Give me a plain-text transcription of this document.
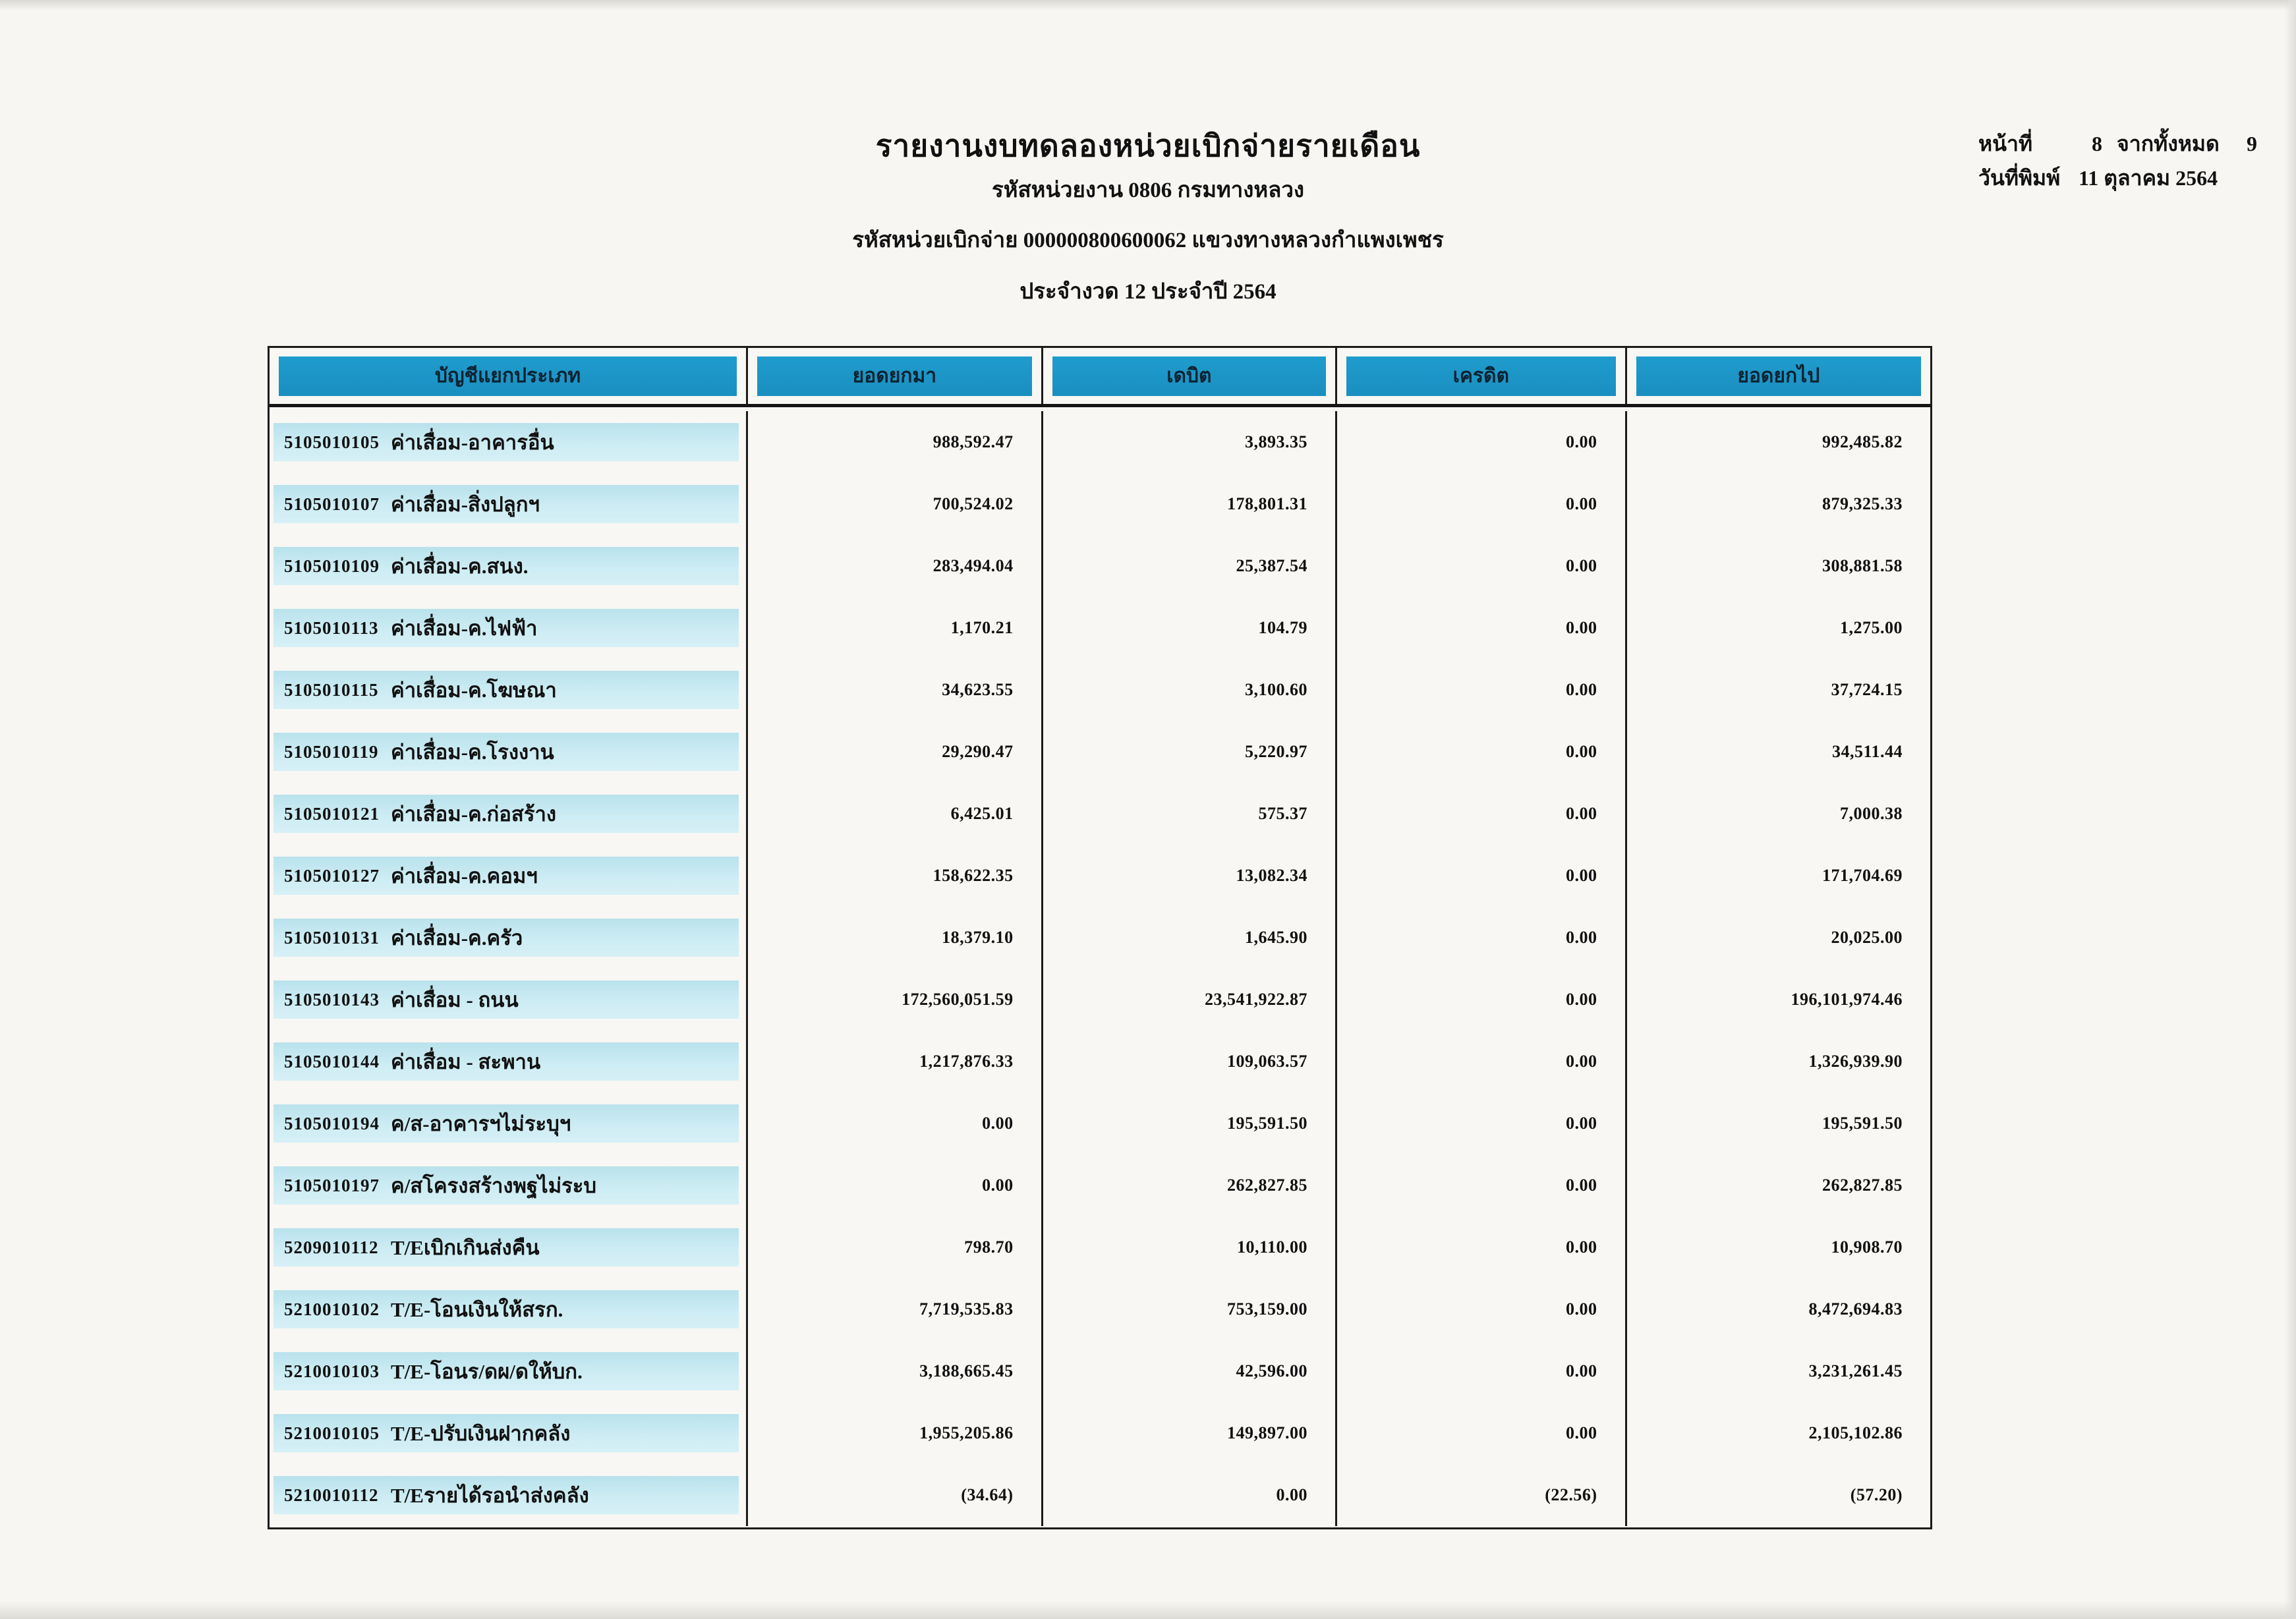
รายงานงบทดลองหน่วยเบิกจ่ายรายเดือน
รหัสหน่วยงาน 0806 กรมทางหลวง
รหัสหน่วยเบิกจ่าย 000000800600062 แขวงทางหลวงกำแพงเพชร
ประจำงวด 12 ประจำปี 2564
หน้าที่	8 จากทั้งหมด	9
วันที่พิมพ์ 11 ตุลาคม 2564
บัญชีแยกประเภท	ยอดยกมา	เดบิต	เครดิต	ยอดยกไป
5105010105 ค่าเสื่อม-อาคารอื่น	988,592.47	3,893.35	0.00	992,485.82
5105010107 ค่าเสื่อม-สิ่งปลูกฯ	700,524.02	178,801.31	0.00	879,325.33
5105010109 ค่าเสื่อม-ค.สนง.	283,494.04	25,387.54	0.00	308,881.58
5105010113 ค่าเสื่อม-ค.ไฟฟ้า	1,170.21	104.79	0.00	1,275.00
5105010115 ค่าเสื่อม-ค.โฆษณา	34,623.55	3,100.60	0.00	37,724.15
5105010119 ค่าเสื่อม-ค.โรงงาน	29,290.47	5,220.97	0.00	34,511.44
5105010121 ค่าเสื่อม-ค.ก่อสร้าง	6,425.01	575.37	0.00	7,000.38
5105010127 ค่าเสื่อม-ค.คอมฯ	158,622.35	13,082.34	0.00	171,704.69
5105010131 ค่าเสื่อม-ค.ครัว	18,379.10	1,645.90	0.00	20,025.00
5105010143 ค่าเสื่อม - ถนน	172,560,051.59	23,541,922.87	0.00	196,101,974.46
5105010144 ค่าเสื่อม - สะพาน	1,217,876.33	109,063.57	0.00	1,326,939.90
5105010194 ค/ส-อาคารฯไม่ระบุฯ	0.00	195,591.50	0.00	195,591.50
5105010197 ค/สโครงสร้างพฐไม่ระบ	0.00	262,827.85	0.00	262,827.85
5209010112 T/Eเบิกเกินส่งคืน	798.70	10,110.00	0.00	10,908.70
5210010102 T/E-โอนเงินให้สรก.	7,719,535.83	753,159.00	0.00	8,472,694.83
5210010103 T/E-โอนร/ดผ/ดให้บก.	3,188,665.45	42,596.00	0.00	3,231,261.45
5210010105 T/E-ปรับเงินฝากคลัง	1,955,205.86	149,897.00	0.00	2,105,102.86
5210010112 T/Eรายได้รอนำส่งคลัง	(34.64)	0.00	(22.56)	(57.20)
